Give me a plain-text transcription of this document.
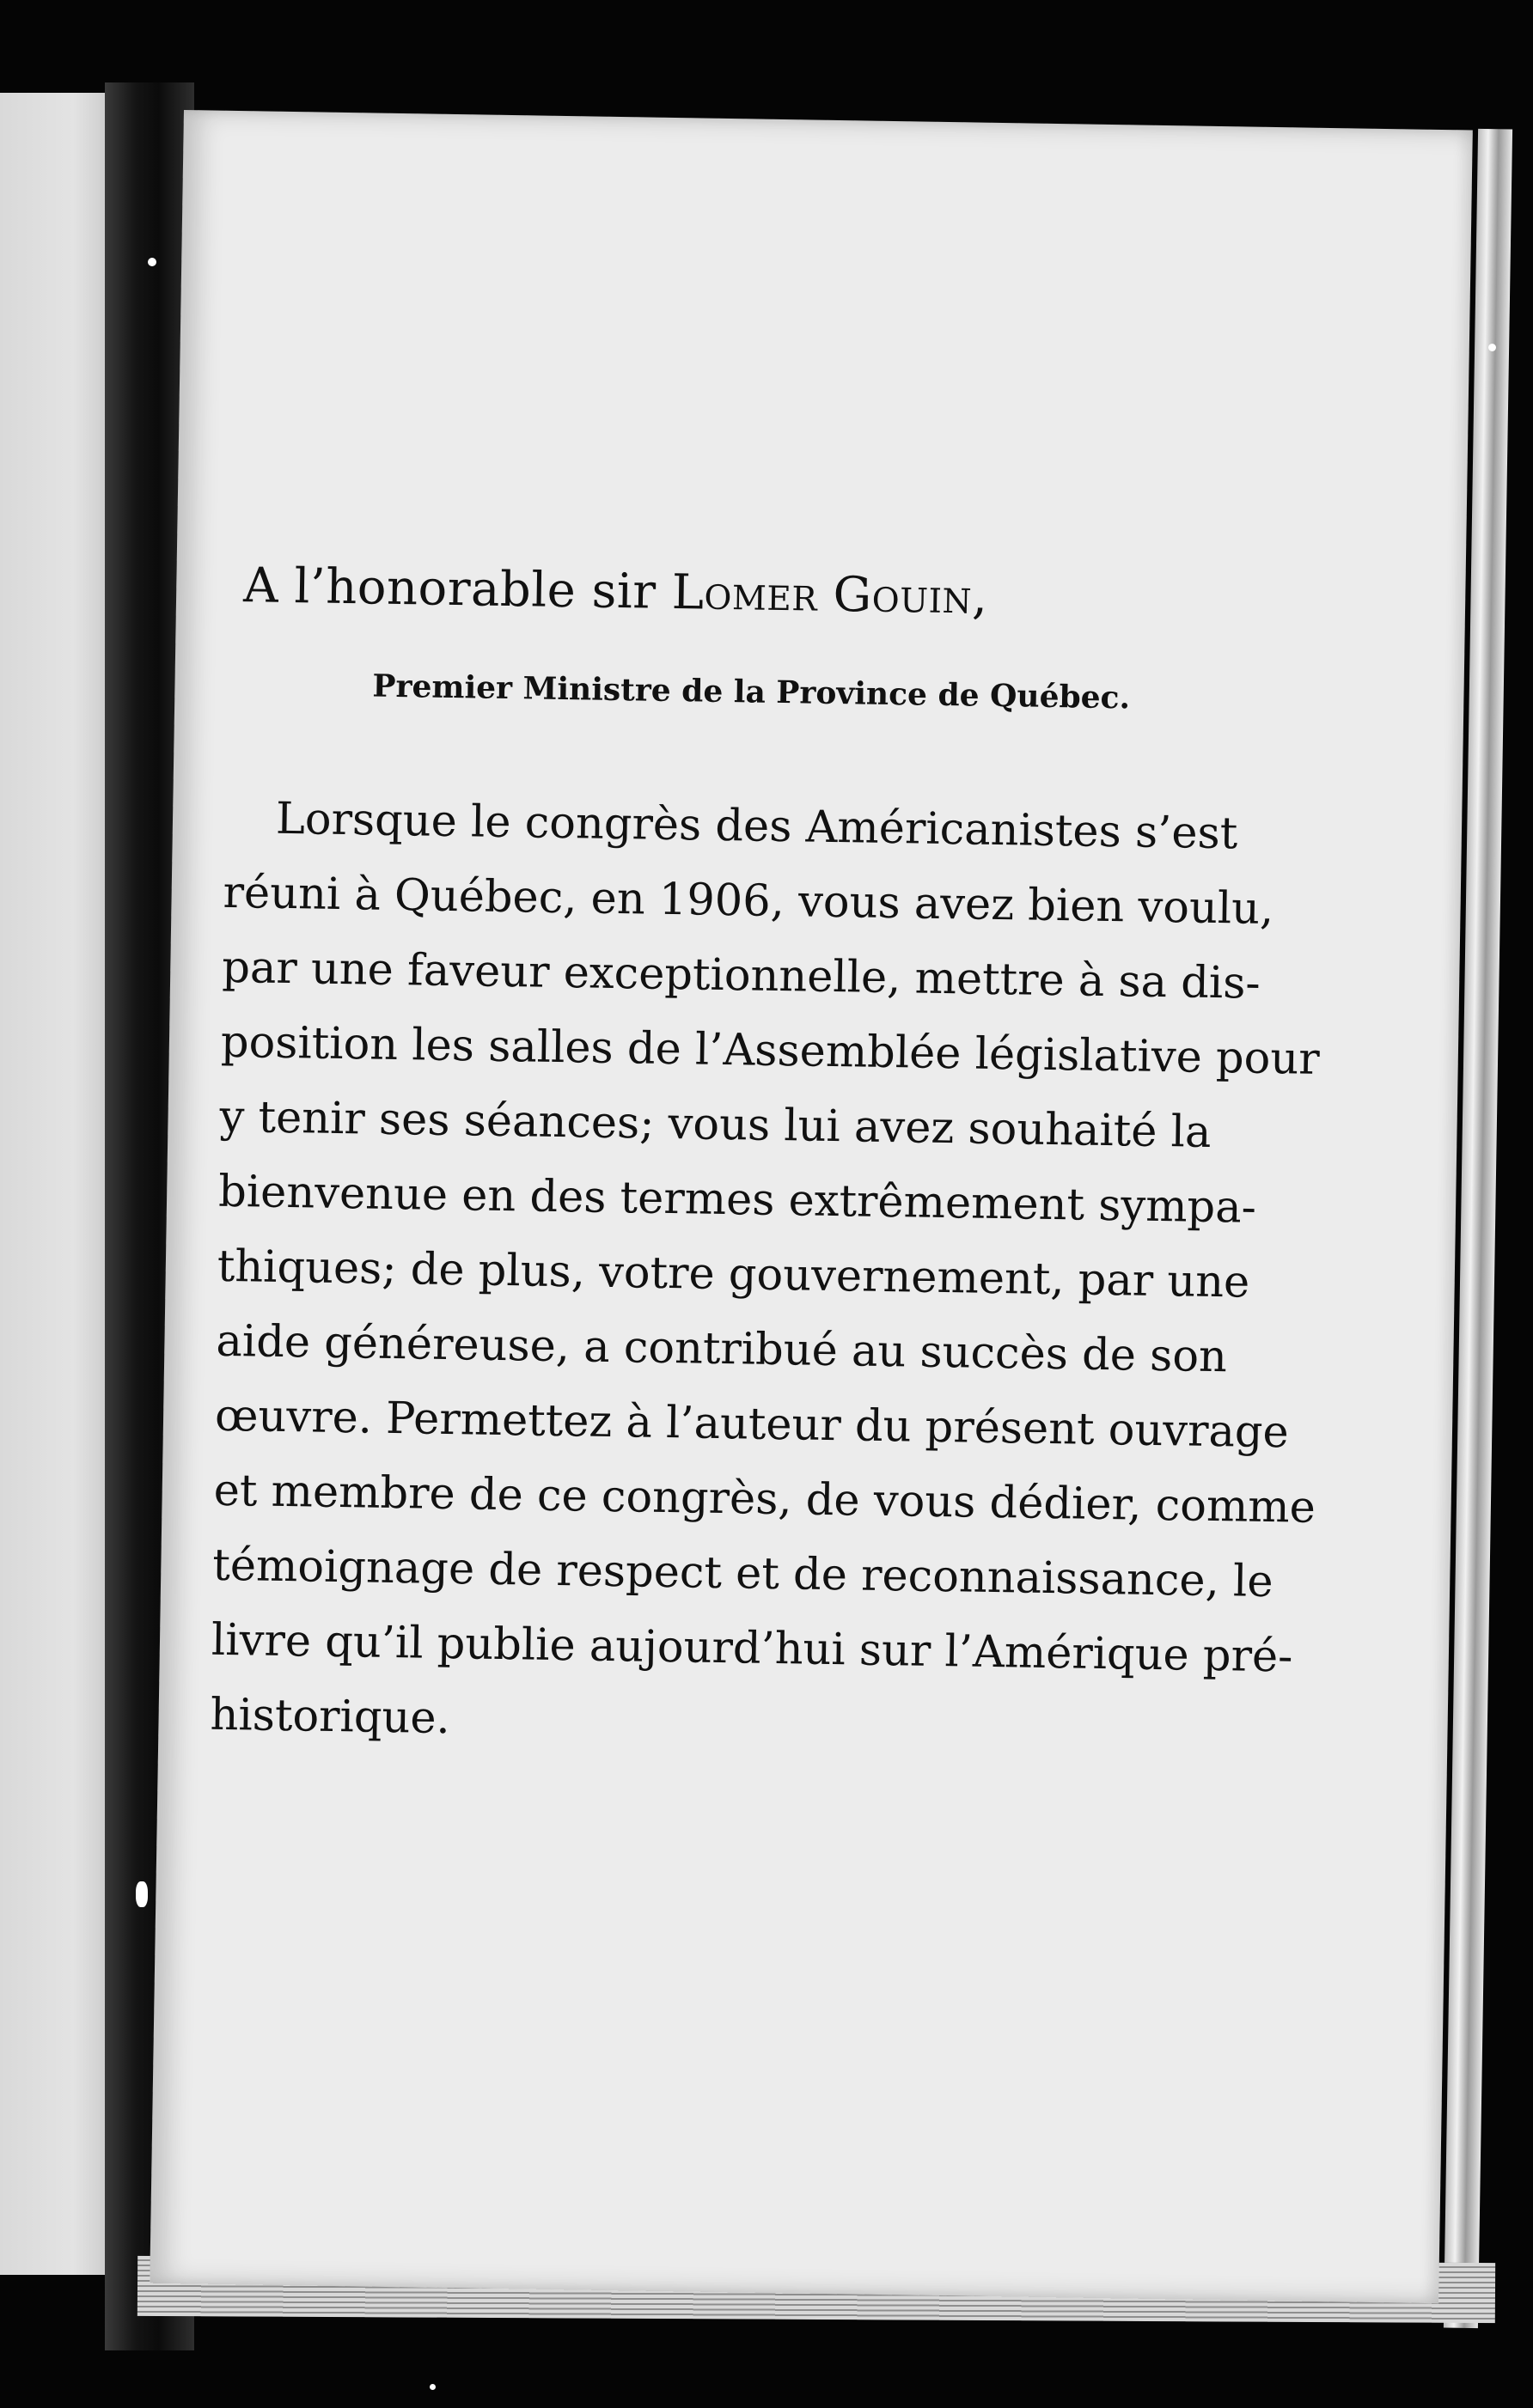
A l’honorable sir Lomer Gouin,
Premier Ministre de la Province de Québec.
Lorsque le congrès des Américanistes s’est
réuni à Québec, en 1906, vous avez bien voulu,
par une faveur exceptionnelle, mettre à sa dis-
position les salles de l’Assemblée législative pour
y tenir ses séances; vous lui avez souhaité la
bienvenue en des termes extrêmement sympa-
thiques; de plus, votre gouvernement, par une
aide généreuse, a contribué au succès de son
œuvre. Permettez à l’auteur du présent ouvrage
et membre de ce congrès, de vous dédier, comme
témoignage de respect et de reconnaissance, le
livre qu’il publie aujourd’hui sur l’Amérique pré-
historique.
